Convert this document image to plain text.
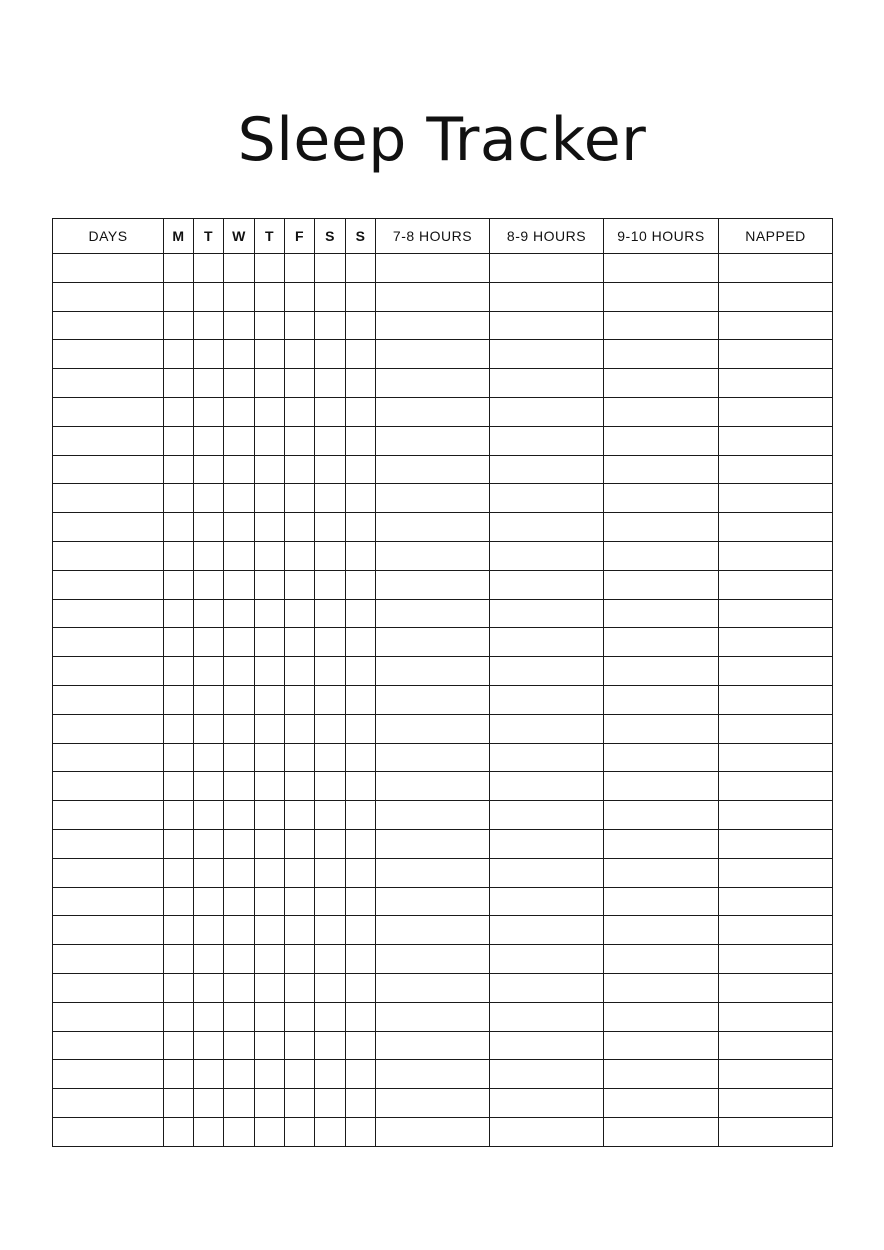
Sleep Tracker
DAYS	M	T	W	T	F	S	S	7-8 HOURS	8-9 HOURS	9-10 HOURS	NAPPED
